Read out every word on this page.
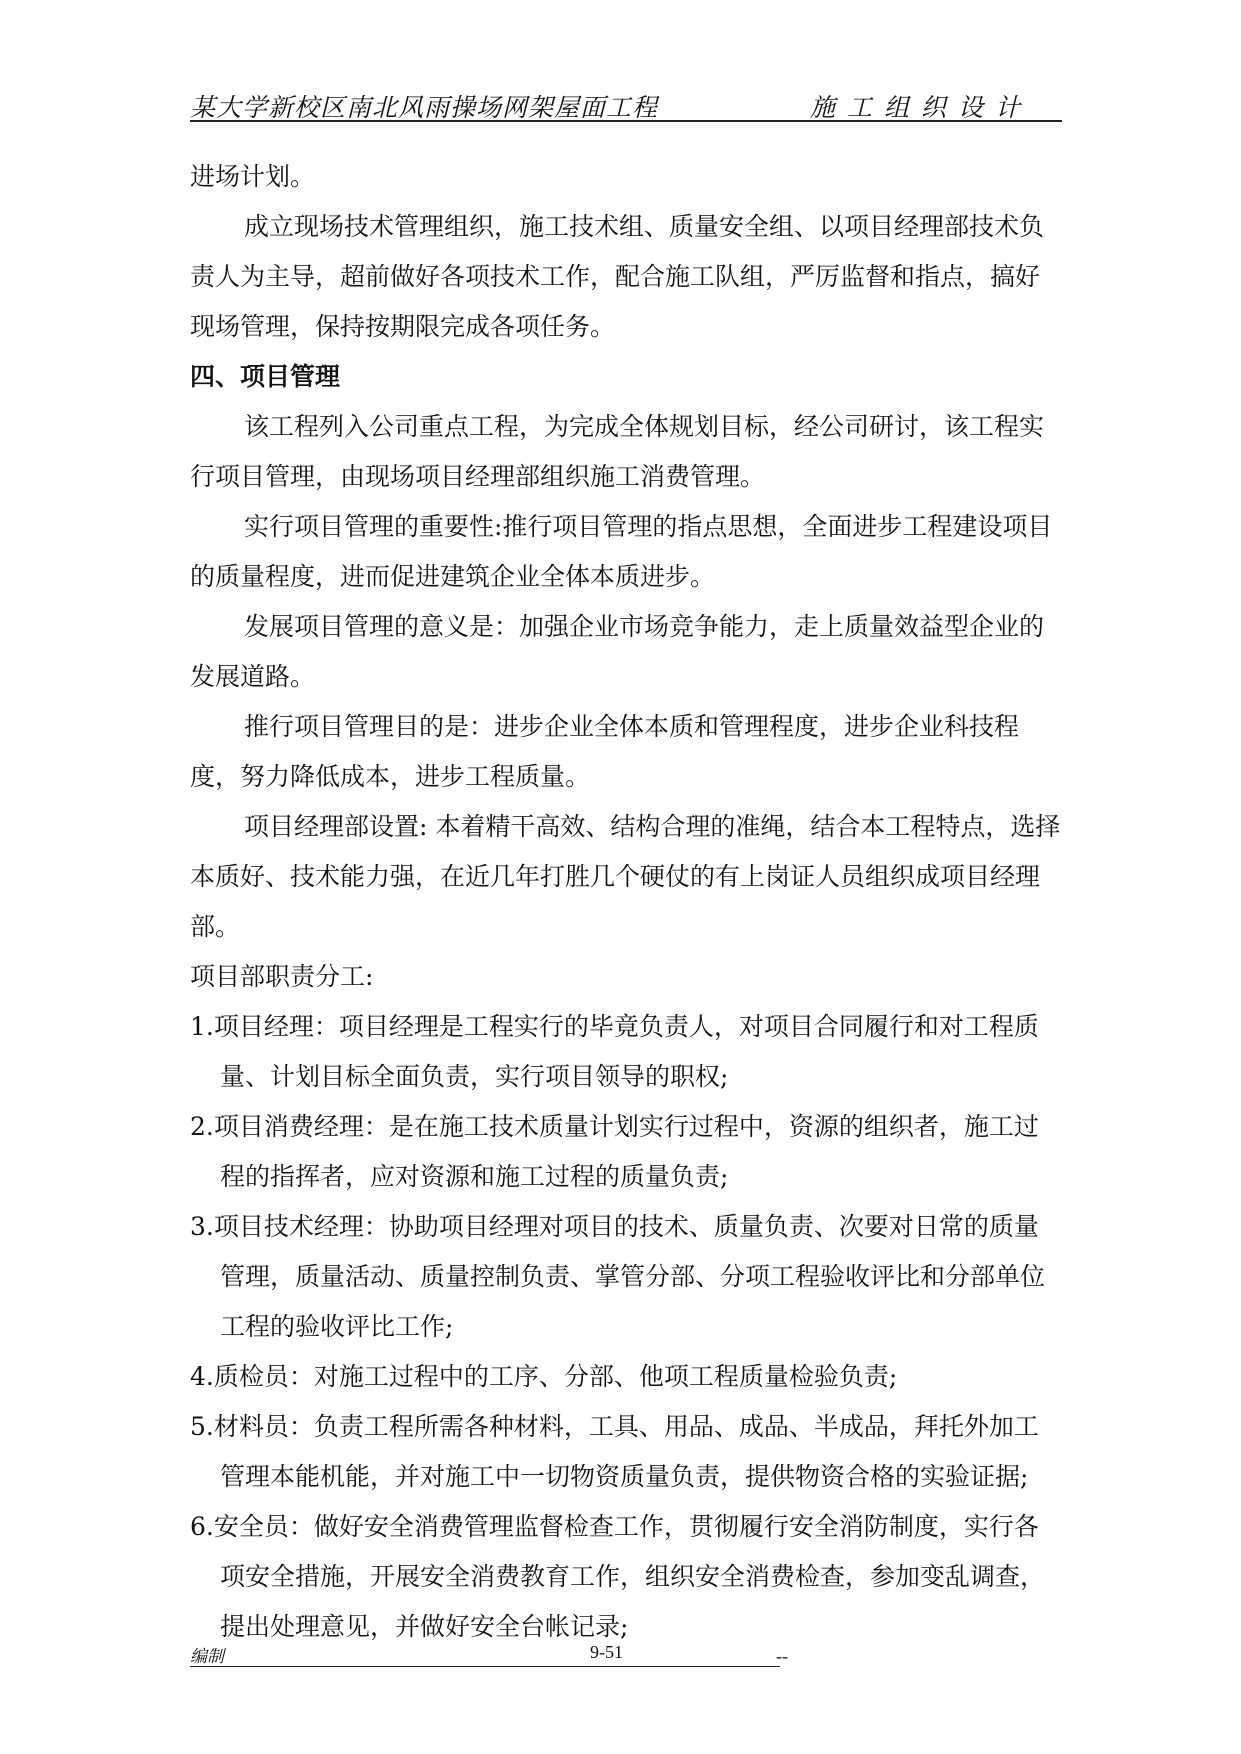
某大学新校区南北风雨操场网架屋面工程	施工组织设计

进场计划。

成立现场技术管理组织，施工技术组、质量安全组、以项目经理部技术负责人为主导，超前做好各项技术工作，配合施工队组，严厉监督和指点，搞好现场管理，保持按期限完成各项任务。

四、项目管理

该工程列入公司重点工程，为完成全体规划目标，经公司研讨，该工程实行项目管理，由现场项目经理部组织施工消费管理。

实行项目管理的重要性:推行项目管理的指点思想，全面进步工程建设项目的质量程度，进而促进建筑企业全体本质进步。

发展项目管理的意义是：加强企业市场竞争能力，走上质量效益型企业的发展道路。

推行项目管理目的是：进步企业全体本质和管理程度，进步企业科技程度，努力降低成本，进步工程质量。

项目经理部设置: 本着精干高效、结构合理的准绳，结合本工程特点，选择本质好、技术能力强，在近几年打胜几个硬仗的有上岗证人员组织成项目经理部。

项目部职责分工:

1.项目经理：项目经理是工程实行的毕竟负责人，对项目合同履行和对工程质量、计划目标全面负责，实行项目领导的职权;

2.项目消费经理：是在施工技术质量计划实行过程中，资源的组织者，施工过程的指挥者，应对资源和施工过程的质量负责;

3.项目技术经理：协助项目经理对项目的技术、质量负责、次要对日常的质量管理，质量活动、质量控制负责、掌管分部、分项工程验收评比和分部单位工程的验收评比工作;

4.质检员：对施工过程中的工序、分部、他项工程质量检验负责;

5.材料员：负责工程所需各种材料，工具、用品、成品、半成品，拜托外加工管理本能机能，并对施工中一切物资质量负责，提供物资合格的实验证据;

6.安全员：做好安全消费管理监督检查工作，贯彻履行安全消防制度，实行各项安全措施，开展安全消费教育工作，组织安全消费检查，参加变乱调查，提出处理意见，并做好安全台帐记录;

编制	9-51	--
